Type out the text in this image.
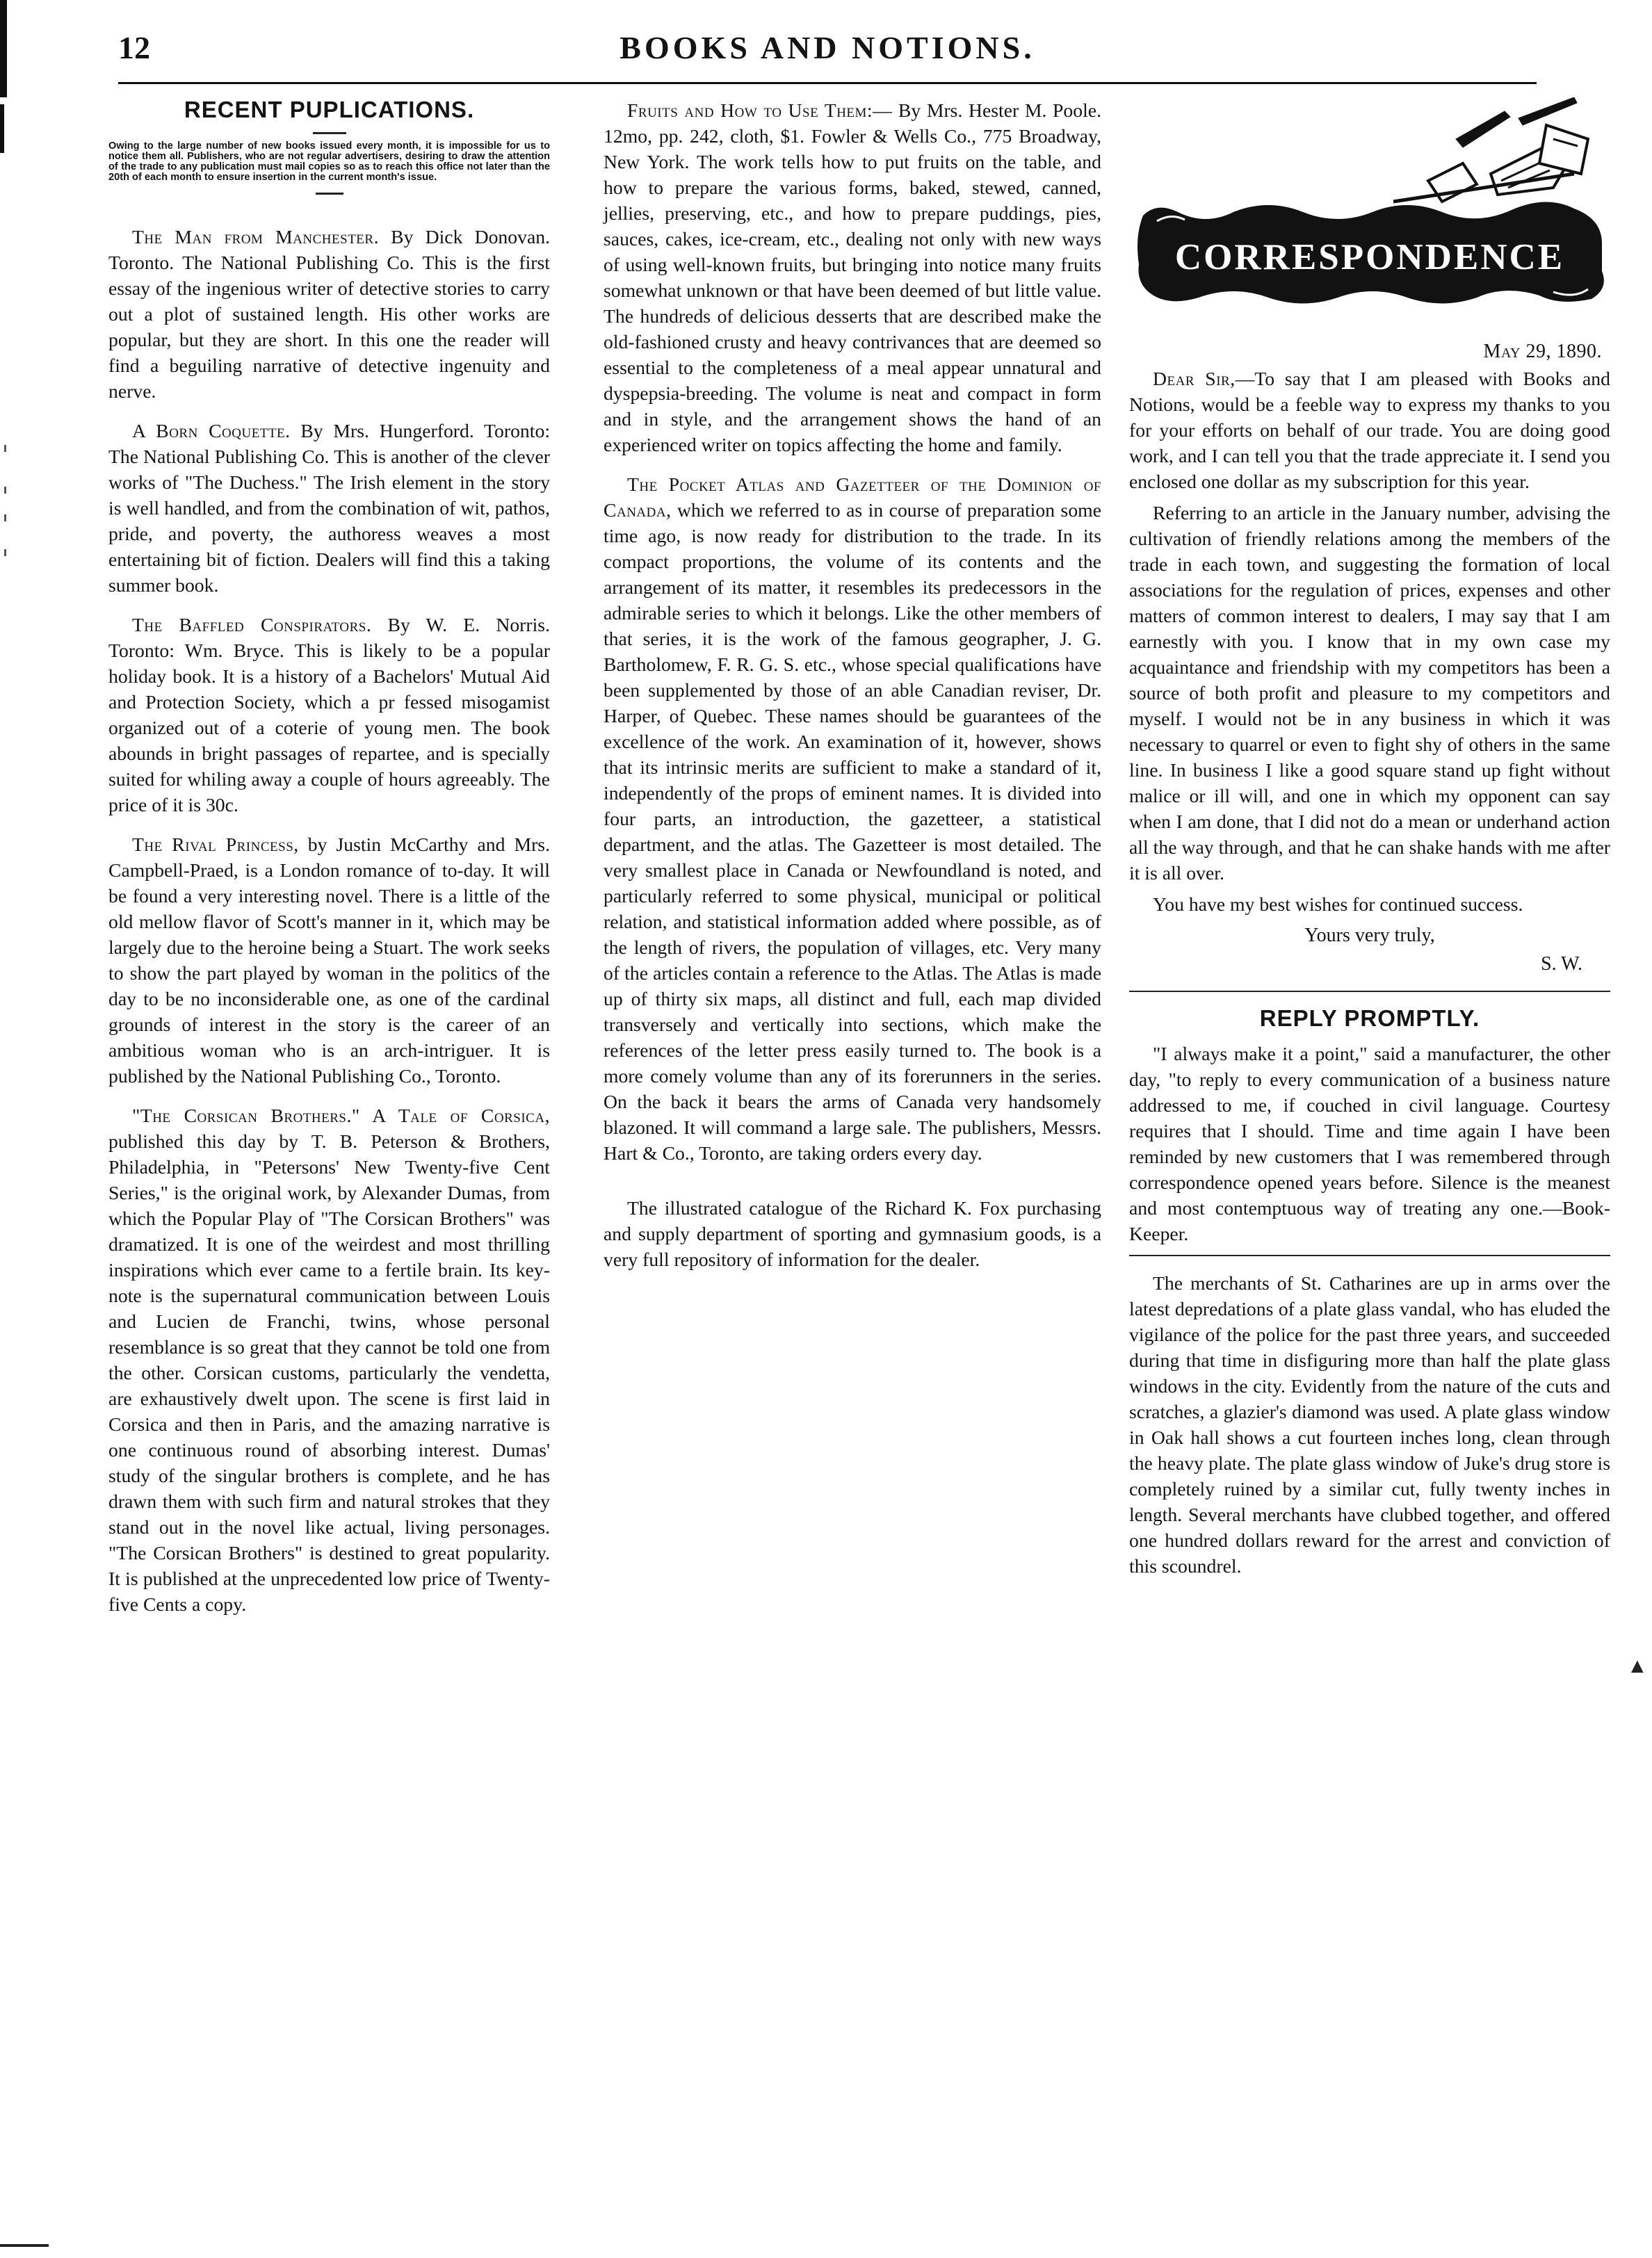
12	BOOKS AND NOTIONS.
RECENT PUPLICATIONS.
Owing to the large number of new books issued every month, it is impossible for us to notice them all. Publishers, who are not regular advertisers, desiring to draw the attention of the trade to any publication must mail copies so as to reach this office not later than the 20th of each month to ensure insertion in the current month's issue.

The Man from Manchester. By Dick Donovan. Toronto. The National Publishing Co. This is the first essay of the ingenious writer of detective stories to carry out a plot of sustained length. His other works are popular, but they are short. In this one the reader will find a beguiling narrative of detective ingenuity and nerve.

A Born Coquette. By Mrs. Hungerford. Toronto: The National Publishing Co. This is another of the clever works of "The Duchess." The Irish element in the story is well handled, and from the combination of wit, pathos, pride, and poverty, the authoress weaves a most entertaining bit of fiction. Dealers will find this a taking summer book.

The Baffled Conspirators. By W. E. Norris. Toronto: Wm. Bryce. This is likely to be a popular holiday book. It is a history of a Bachelors' Mutual Aid and Protection Society, which a pr fessed misogamist organized out of a coterie of young men. The book abounds in bright passages of repartee, and is specially suited for whiling away a couple of hours agreeably. The price of it is 30c.

The Rival Princess, by Justin McCarthy and Mrs. Campbell-Praed, is a London romance of to-day. It will be found a very interesting novel. There is a little of the old mellow flavor of Scott's manner in it, which may be largely due to the heroine being a Stuart. The work seeks to show the part played by woman in the politics of the day to be no inconsiderable one, as one of the cardinal grounds of interest in the story is the career of an ambitious woman who is an arch-intriguer. It is published by the National Publishing Co., Toronto.

"The Corsican Brothers." A Tale of Corsica, published this day by T. B. Peterson & Brothers, Philadelphia, in "Petersons' New Twenty-five Cent Series," is the original work, by Alexander Dumas, from which the Popular Play of "The Corsican Brothers" was dramatized. It is one of the weirdest and most thrilling inspirations which ever came to a fertile brain. Its key-note is the supernatural communication between Louis and Lucien de Franchi, twins, whose personal resemblance is so great that they cannot be told one from the other. Corsican customs, particularly the vendetta, are exhaustively dwelt upon. The scene is first laid in Corsica and then in Paris, and the amazing narrative is one continuous round of absorbing interest. Dumas' study of the singular brothers is complete, and he has drawn them with such firm and natural strokes that they stand out in the novel like actual, living personages. "The Corsican Brothers" is destined to great popularity. It is published at the unprecedented low price of Twenty-five Cents a copy.

Fruits and How to Use Them:— By Mrs. Hester M. Poole. 12mo, pp. 242, cloth, $1. Fowler & Wells Co., 775 Broadway, New York. The work tells how to put fruits on the table, and how to prepare the various forms, baked, stewed, canned, jellies, preserving, etc., and how to prepare puddings, pies, sauces, cakes, ice-cream, etc., dealing not only with new ways of using well-known fruits, but bringing into notice many fruits somewhat unknown or that have been deemed of but little value. The hundreds of delicious desserts that are described make the old-fashioned crusty and heavy contrivances that are deemed so essential to the completeness of a meal appear unnatural and dyspepsia-breeding. The volume is neat and compact in form and in style, and the arrangement shows the hand of an experienced writer on topics affecting the home and family.

The Pocket Atlas and Gazetteer of the Dominion of Canada, which we referred to as in course of preparation some time ago, is now ready for distribution to the trade. In its compact proportions, the volume of its contents and the arrangement of its matter, it resembles its predecessors in the admirable series to which it belongs. Like the other members of that series, it is the work of the famous geographer, J. G. Bartholomew, F. R. G. S. etc., whose special qualifications have been supplemented by those of an able Canadian reviser, Dr. Harper, of Quebec. These names should be guarantees of the excellence of the work. An examination of it, however, shows that its intrinsic merits are sufficient to make a standard of it, independently of the props of eminent names. It is divided into four parts, an introduction, the gazetteer, a statistical department, and the atlas. The Gazetteer is most detailed. The very smallest place in Canada or Newfoundland is noted, and particularly referred to some physical, municipal or political relation, and statistical information added where possible, as of the length of rivers, the population of villages, etc. Very many of the articles contain a reference to the Atlas. The Atlas is made up of thirty six maps, all distinct and full, each map divided transversely and vertically into sections, which make the references of the letter press easily turned to. The book is a more comely volume than any of its forerunners in the series. On the back it bears the arms of Canada very handsomely blazoned. It will command a large sale. The publishers, Messrs. Hart & Co., Toronto, are taking orders every day.

The illustrated catalogue of the Richard K. Fox purchasing and supply department of sporting and gymnasium goods, is a very full repository of information for the dealer.

CORRESPONDENCE
May 29, 1890.

Dear Sir,—To say that I am pleased with Books and Notions, would be a feeble way to express my thanks to you for your efforts on behalf of our trade. You are doing good work, and I can tell you that the trade appreciate it. I send you enclosed one dollar as my subscription for this year.

Referring to an article in the January number, advising the cultivation of friendly relations among the members of the trade in each town, and suggesting the formation of local associations for the regulation of prices, expenses and other matters of common interest to dealers, I may say that I am earnestly with you. I know that in my own case my acquaintance and friendship with my competitors has been a source of both profit and pleasure to my competitors and myself. I would not be in any business in which it was necessary to quarrel or even to fight shy of others in the same line. In business I like a good square stand up fight without malice or ill will, and one in which my opponent can say when I am done, that I did not do a mean or underhand action all the way through, and that he can shake hands with me after it is all over.

You have my best wishes for continued success.

Yours very truly,
S. W.
REPLY PROMPTLY.

"I always make it a point," said a manufacturer, the other day, "to reply to every communication of a business nature addressed to me, if couched in civil language. Courtesy requires that I should. Time and time again I have been reminded by new customers that I was remembered through correspondence opened years before. Silence is the meanest and most contemptuous way of treating any one.—Book-Keeper.

The merchants of St. Catharines are up in arms over the latest depredations of a plate glass vandal, who has eluded the vigilance of the police for the past three years, and succeeded during that time in disfiguring more than half the plate glass windows in the city. Evidently from the nature of the cuts and scratches, a glazier's diamond was used. A plate glass window in Oak hall shows a cut fourteen inches long, clean through the heavy plate. The plate glass window of Juke's drug store is completely ruined by a similar cut, fully twenty inches in length. Several merchants have clubbed together, and offered one hundred dollars reward for the arrest and conviction of this scoundrel.

▲
